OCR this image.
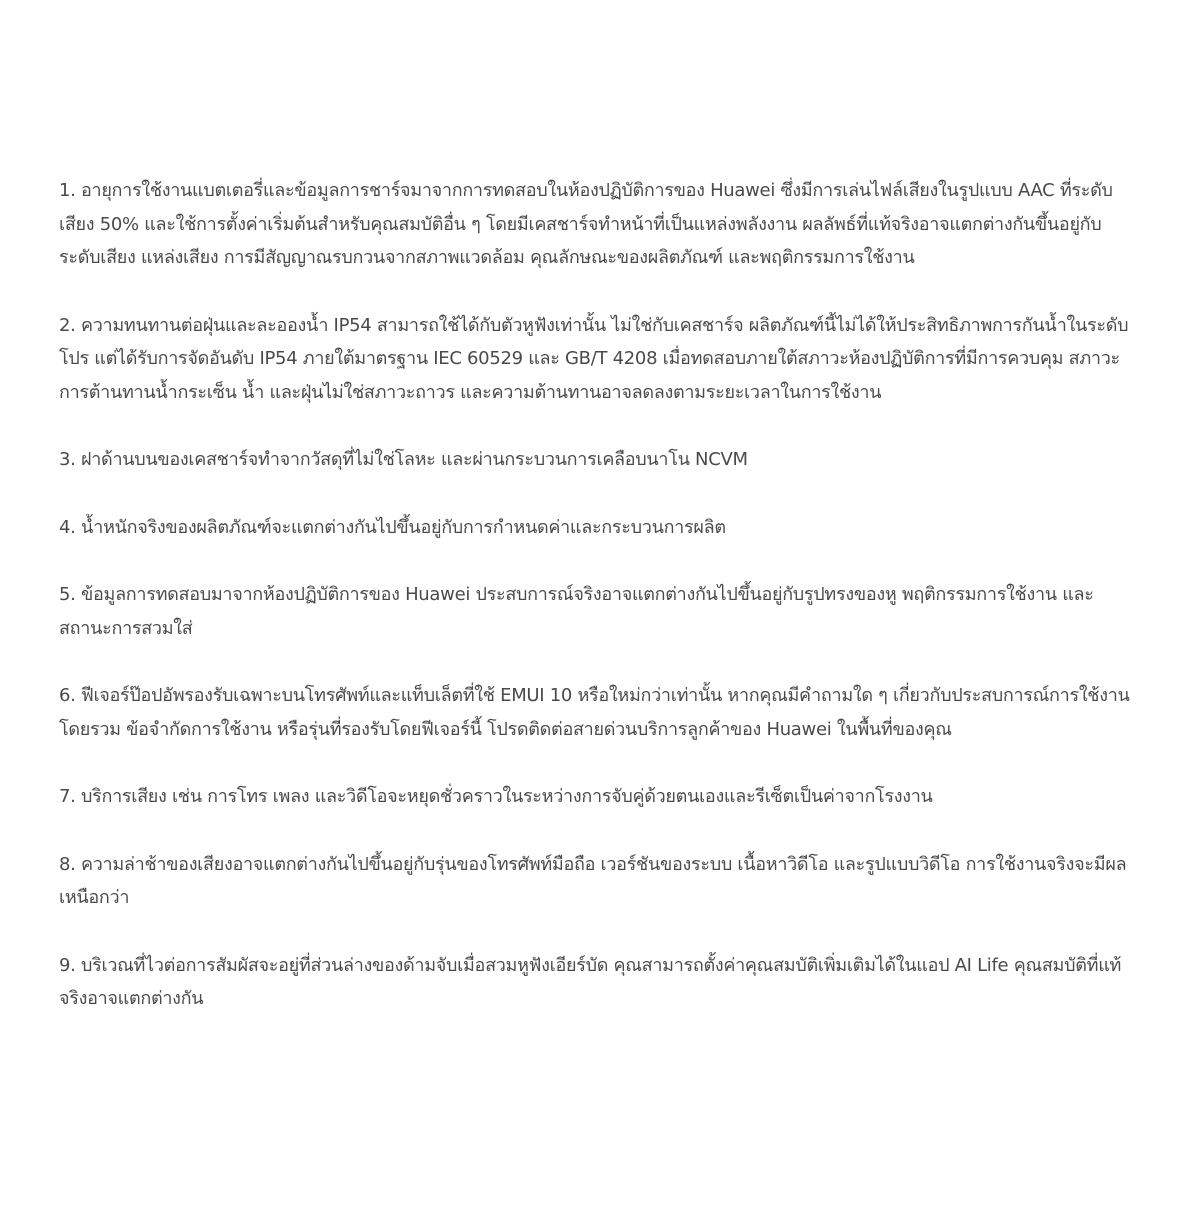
1. อายุการใช้งานแบตเตอรี่และข้อมูลการชาร์จมาจากการทดสอบในห้องปฏิบัติการของ Huawei ซึ่งมีการเล่นไฟล์เสียงในรูปแบบ AAC ที่ระดับเสียง 50% และใช้การตั้งค่าเริ่มต้นสำหรับคุณสมบัติอื่น ๆ โดยมีเคสชาร์จทำหน้าที่เป็นแหล่งพลังงาน ผลลัพธ์ที่แท้จริงอาจแตกต่างกันขึ้นอยู่กับระดับเสียง แหล่งเสียง การมีสัญญาณรบกวนจากสภาพแวดล้อม คุณลักษณะของผลิตภัณฑ์ และพฤติกรรมการใช้งาน
2. ความทนทานต่อฝุ่นและละอองน้ำ IP54 สามารถใช้ได้กับตัวหูฟังเท่านั้น ไม่ใช่กับเคสชาร์จ ผลิตภัณฑ์นี้ไม่ได้ให้ประสิทธิภาพการกันน้ำในระดับโปร แต่ได้รับการจัดอันดับ IP54 ภายใต้มาตรฐาน IEC 60529 และ GB/T 4208 เมื่อทดสอบภายใต้สภาวะห้องปฏิบัติการที่มีการควบคุม สภาวะการต้านทานน้ำกระเซ็น น้ำ และฝุ่นไม่ใช่สภาวะถาวร และความต้านทานอาจลดลงตามระยะเวลาในการใช้งาน
3. ฝาด้านบนของเคสชาร์จทำจากวัสดุที่ไม่ใช่โลหะ และผ่านกระบวนการเคลือบนาโน NCVM
4. น้ำหนักจริงของผลิตภัณฑ์จะแตกต่างกันไปขึ้นอยู่กับการกำหนดค่าและกระบวนการผลิต
5. ข้อมูลการทดสอบมาจากห้องปฏิบัติการของ Huawei ประสบการณ์จริงอาจแตกต่างกันไปขึ้นอยู่กับรูปทรงของหู พฤติกรรมการใช้งาน และสถานะการสวมใส่
6. ฟีเจอร์ป๊อปอัพรองรับเฉพาะบนโทรศัพท์และแท็บเล็ตที่ใช้ EMUI 10 หรือใหม่กว่าเท่านั้น หากคุณมีคำถามใด ๆ เกี่ยวกับประสบการณ์การใช้งานโดยรวม ข้อจำกัดการใช้งาน หรือรุ่นที่รองรับโดยฟีเจอร์นี้ โปรดติดต่อสายด่วนบริการลูกค้าของ Huawei ในพื้นที่ของคุณ
7. บริการเสียง เช่น การโทร เพลง และวิดีโอจะหยุดชั่วคราวในระหว่างการจับคู่ด้วยตนเองและรีเซ็ตเป็นค่าจากโรงงาน
8. ความล่าช้าของเสียงอาจแตกต่างกันไปขึ้นอยู่กับรุ่นของโทรศัพท์มือถือ เวอร์ชันของระบบ เนื้อหาวิดีโอ และรูปแบบวิดีโอ การใช้งานจริงจะมีผลเหนือกว่า
9. บริเวณที่ไวต่อการสัมผัสจะอยู่ที่ส่วนล่างของด้ามจับเมื่อสวมหูฟังเอียร์บัด คุณสามารถตั้งค่าคุณสมบัติเพิ่มเติมได้ในแอป AI Life คุณสมบัติที่แท้จริงอาจแตกต่างกัน
